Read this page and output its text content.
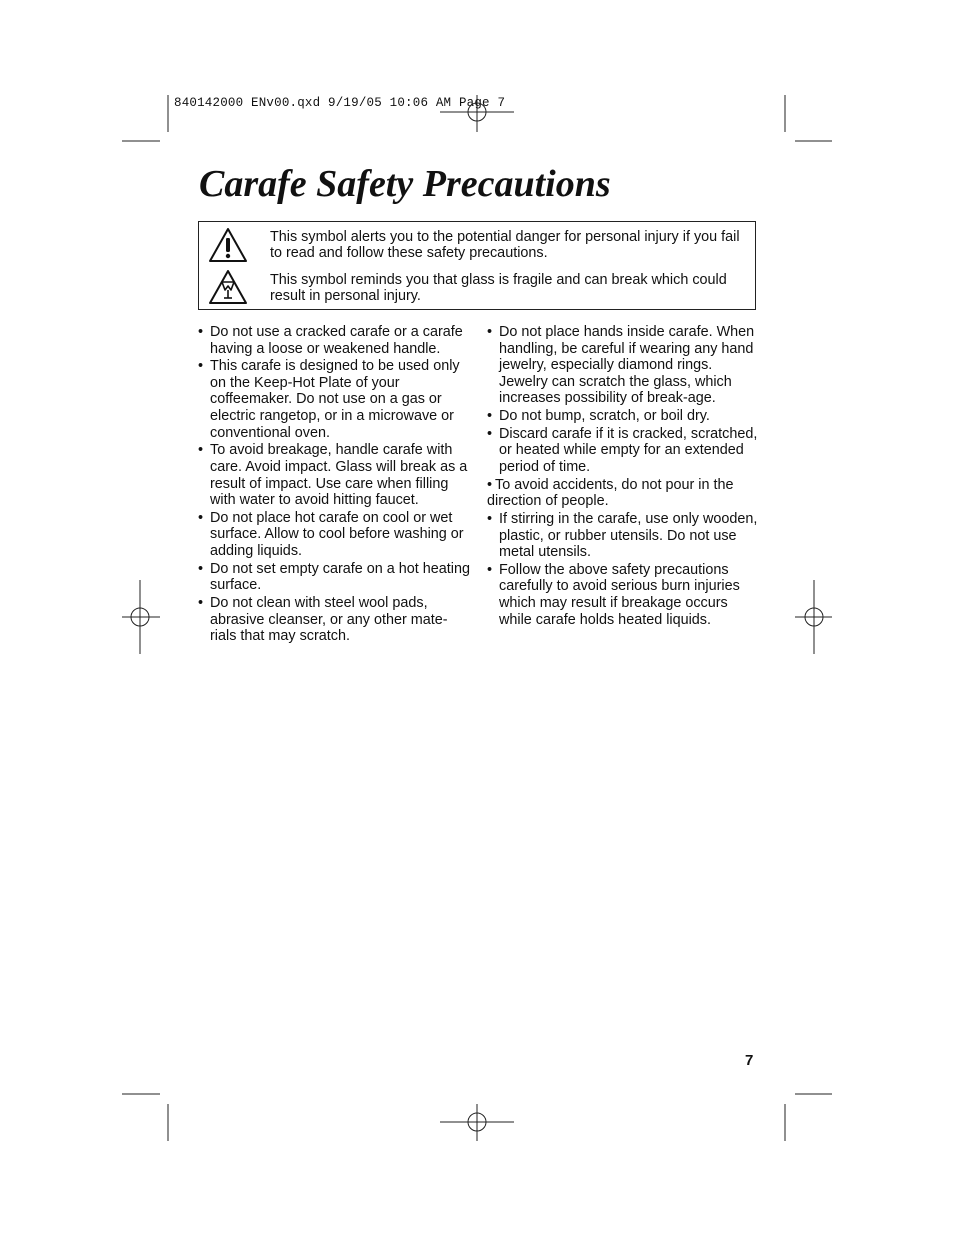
840142000 ENv00.qxd 9/19/05 10:06 AM Page 7
Carafe Safety Precautions
This symbol alerts you to the potential danger for personal injury if you fail to read and follow these safety precautions.
This symbol reminds you that glass is fragile and can break which could result in personal injury.
• Do not use a cracked carafe or a carafe having a loose or weakened handle.
• This carafe is designed to be used only on the Keep-Hot Plate of your coffeemaker. Do not use on a gas or electric rangetop, or in a microwave or conventional oven.
• To avoid breakage, handle carafe with care. Avoid impact. Glass will break as a result of impact. Use care when filling with water to avoid hitting faucet.
• Do not place hot carafe on cool or wet surface. Allow to cool before washing or adding liquids.
• Do not set empty carafe on a hot heating surface.
• Do not clean with steel wool pads, abrasive cleanser, or any other mate-rials that may scratch.
• Do not place hands inside carafe. When handling, be careful if wearing any hand jewelry, especially diamond rings. Jewelry can scratch the glass, which increases possibility of break-age.
• Do not bump, scratch, or boil dry.
• Discard carafe if it is cracked, scratched, or heated while empty for an extended period of time.
• To avoid accidents, do not pour in the direction of people.
• If stirring in the carafe, use only wooden, plastic, or rubber utensils. Do not use metal utensils.
• Follow the above safety precautions carefully to avoid serious burn injuries which may result if breakage occurs while carafe holds heated liquids.
7
